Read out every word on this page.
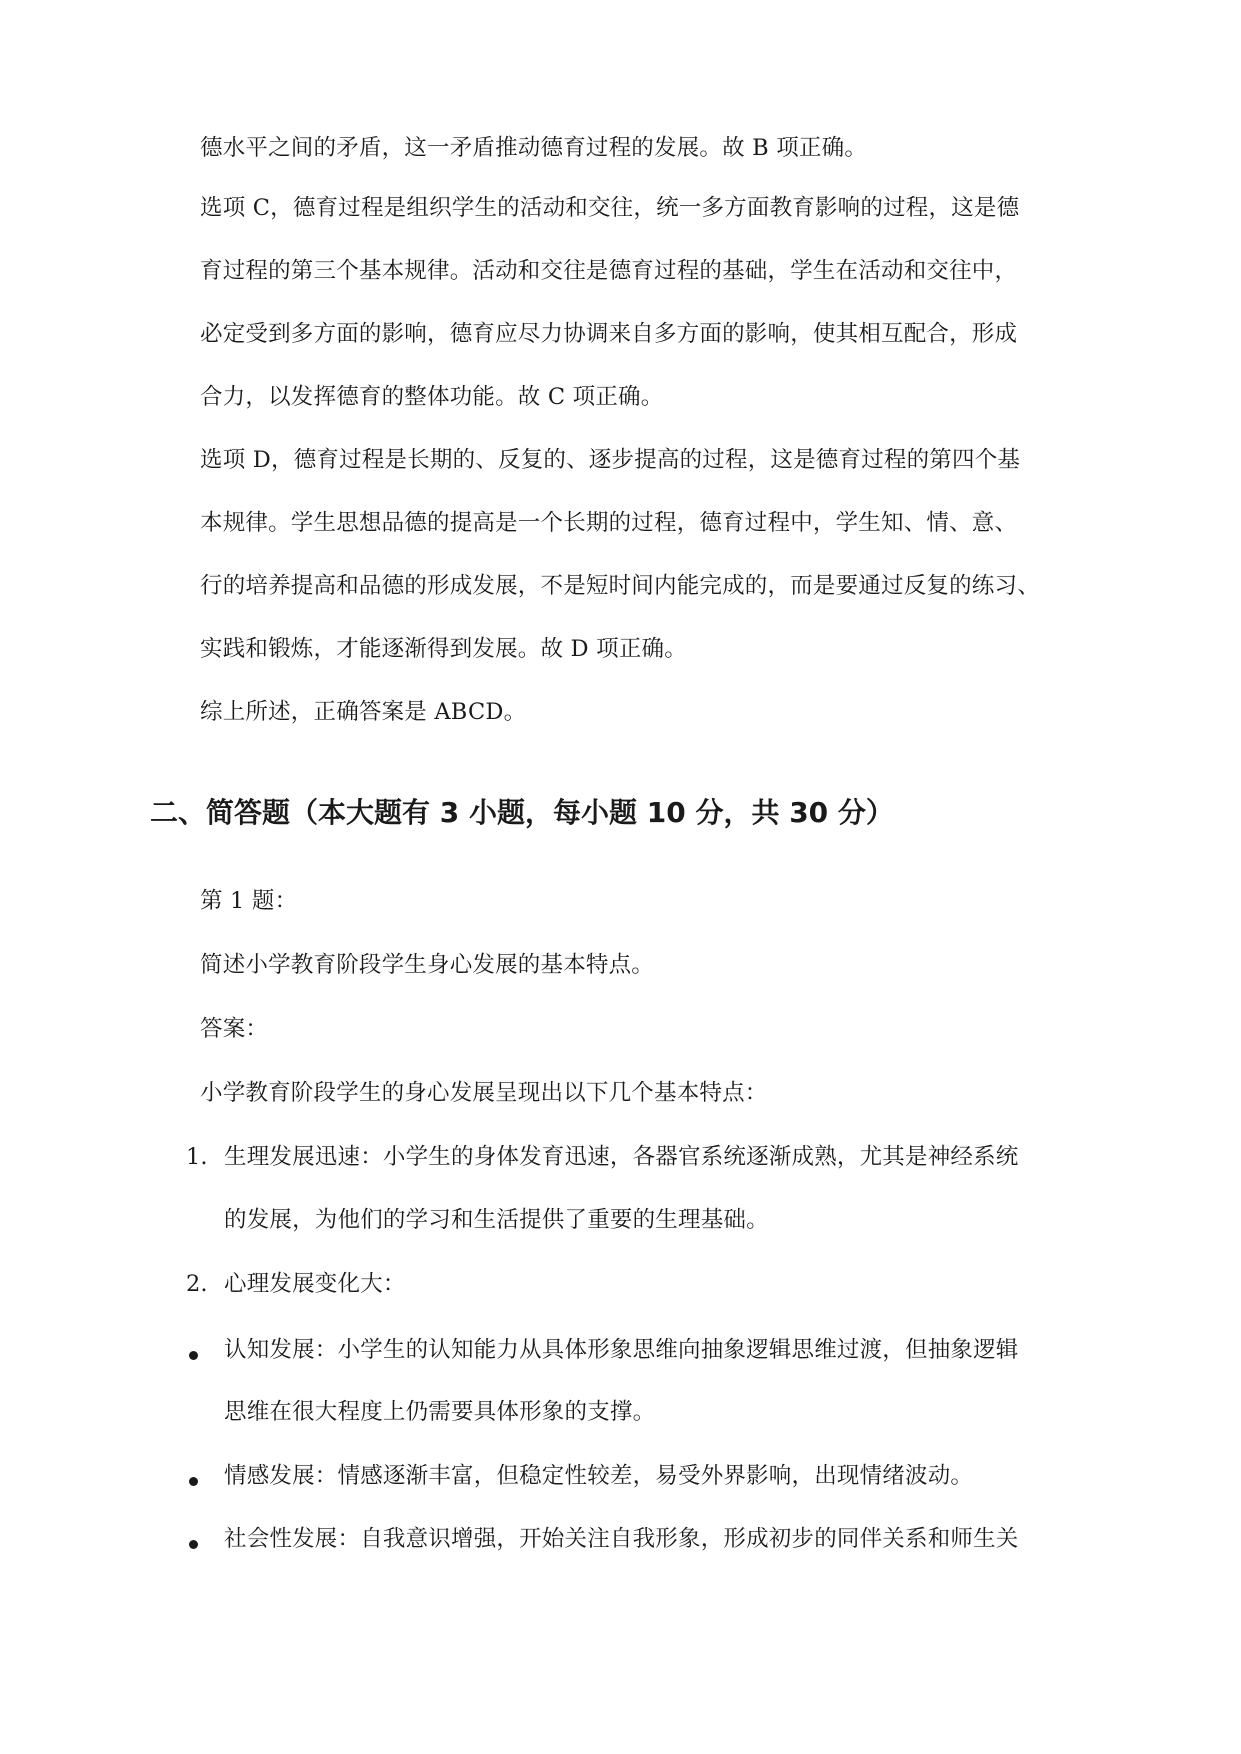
德水平之间的矛盾，这一矛盾推动德育过程的发展。故 B 项正确。
选项 C，德育过程是组织学生的活动和交往，统一多方面教育影响的过程，这是德
育过程的第三个基本规律。活动和交往是德育过程的基础，学生在活动和交往中，
必定受到多方面的影响，德育应尽力协调来自多方面的影响，使其相互配合，形成
合力，以发挥德育的整体功能。故 C 项正确。
选项 D，德育过程是长期的、反复的、逐步提高的过程，这是德育过程的第四个基
本规律。学生思想品德的提高是一个长期的过程，德育过程中，学生知、情、意、
行的培养提高和品德的形成发展，不是短时间内能完成的，而是要通过反复的练习、
实践和锻炼，才能逐渐得到发展。故 D 项正确。
综上所述，正确答案是 ABCD。
二、简答题（本大题有 3 小题，每小题 10 分，共 30 分）
第 1 题：
简述小学教育阶段学生身心发展的基本特点。
答案：
小学教育阶段学生的身心发展呈现出以下几个基本特点：
1. 生理发展迅速：小学生的身体发育迅速，各器官系统逐渐成熟，尤其是神经系统
的发展，为他们的学习和生活提供了重要的生理基础。
2. 心理发展变化大：
认知发展：小学生的认知能力从具体形象思维向抽象逻辑思维过渡，但抽象逻辑
思维在很大程度上仍需要具体形象的支撑。
情感发展：情感逐渐丰富，但稳定性较差，易受外界影响，出现情绪波动。
社会性发展：自我意识增强，开始关注自我形象，形成初步的同伴关系和师生关
